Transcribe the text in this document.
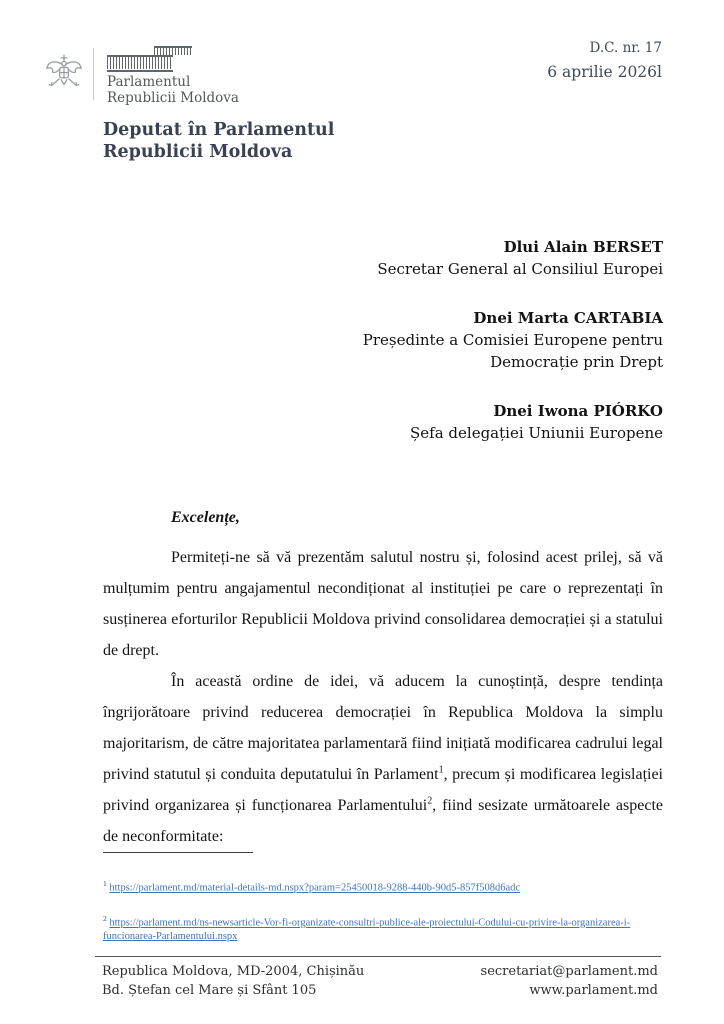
Parlamentul
Republicii Moldova
D.C. nr. 17
6 aprilie 2026l
Deputat în Parlamentul
Republicii Moldova
Dlui Alain BERSET
Secretar General al Consiliul Europei
Dnei Marta CARTABIA
Președinte a Comisiei Europene pentru Democrație prin Drept
Dnei Iwona PIÓRKO
Șefa delegației Uniunii Europene
Excelențe,

Permiteți-ne să vă prezentăm salutul nostru și, folosind acest prilej, să vă mulțumim pentru angajamentul necondiționat al instituției pe care o reprezentați în susținerea eforturilor Republicii Moldova privind consolidarea democrației și a statului de drept.

În această ordine de idei, vă aducem la cunoștință, despre tendința îngrijorătoare privind reducerea democrației în Republica Moldova la simplu majoritarism, de către majoritatea parlamentară fiind inițiată modificarea cadrului legal privind statutul și conduita deputatului în Parlament$^1$, precum și modificarea legislației privind organizarea și funcționarea Parlamentului$^2$, fiind sesizate următoarele aspecte de neconformitate:

$^1$ https://parlament.md/material-details-md.nspx?param=25450018-9288-440b-90d5-857f508d6adc
$^2$ https://parlament.md/ns-newsarticle-Vor-fi-organizate-consultri-publice-ale-proiectului-Codului-cu-privire-la-organizarea-i-funcionarea-Parlamentului.nspx
Republica Moldova, MD-2004, Chișinău
Bd. Ștefan cel Mare și Sfânt 105
secretariat@parlament.md
www.parlament.md
